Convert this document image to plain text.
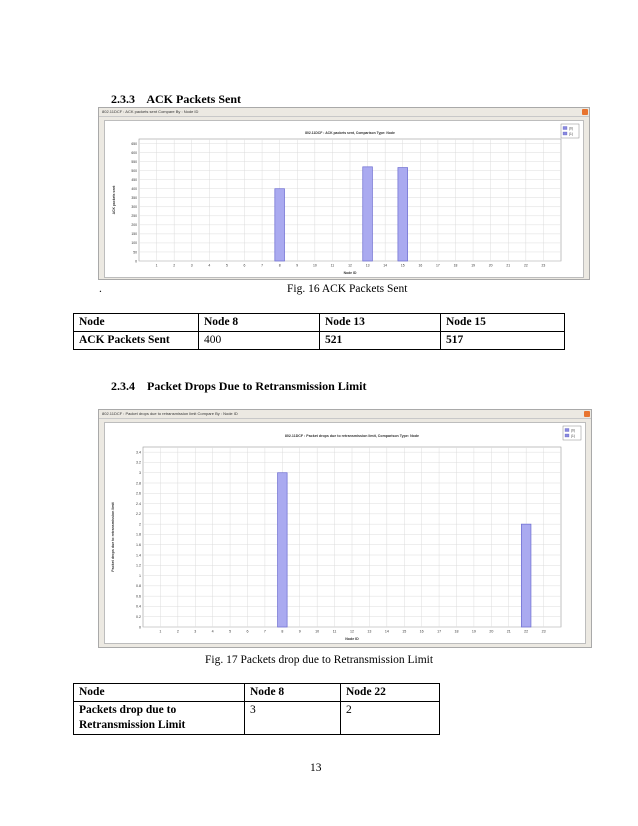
2.3.3 ACK Packets Sent
802.11DCF : ACK packets sent Compare By : Node ID
802.11DCF : ACK packets sent, Comparison Type: Node
0
50
100
150
200
250
300
350
400
450
500
550
600
650
1	2	3	4	5	6	7	8	9	10	11	12	13	14	15	16	17	18	19	20	21	22	23
Node ID
ACK packets sent
(0)
(1)
.	Fig. 16 ACK Packets Sent
Node	Node 8	Node 13	Node 15
ACK Packets Sent	400	521	517
2.3.4 Packet Drops Due to Retransmission Limit
802.11DCF : Packet drops due to retransmission limit Compare By : Node ID
802.11DCF : Packet drops due to retransmission limit, Comparison Type: Node
0
0.2
0.4
0.6
0.8
1
1.2
1.4
1.6
1.8
2
2.2
2.4
2.6
2.8
3
3.2
3.4
1	2	3	4	5	6	7	8	9	10	11	12	13	14	15	16	17	18	19	20	21	22	23
Node ID
Packet drops due to retransmission limit
(0)
(1)
Fig. 17 Packets drop due to Retransmission Limit
Node	Node 8	Node 22
Packets drop due to
Retransmission Limit	3	2
13
